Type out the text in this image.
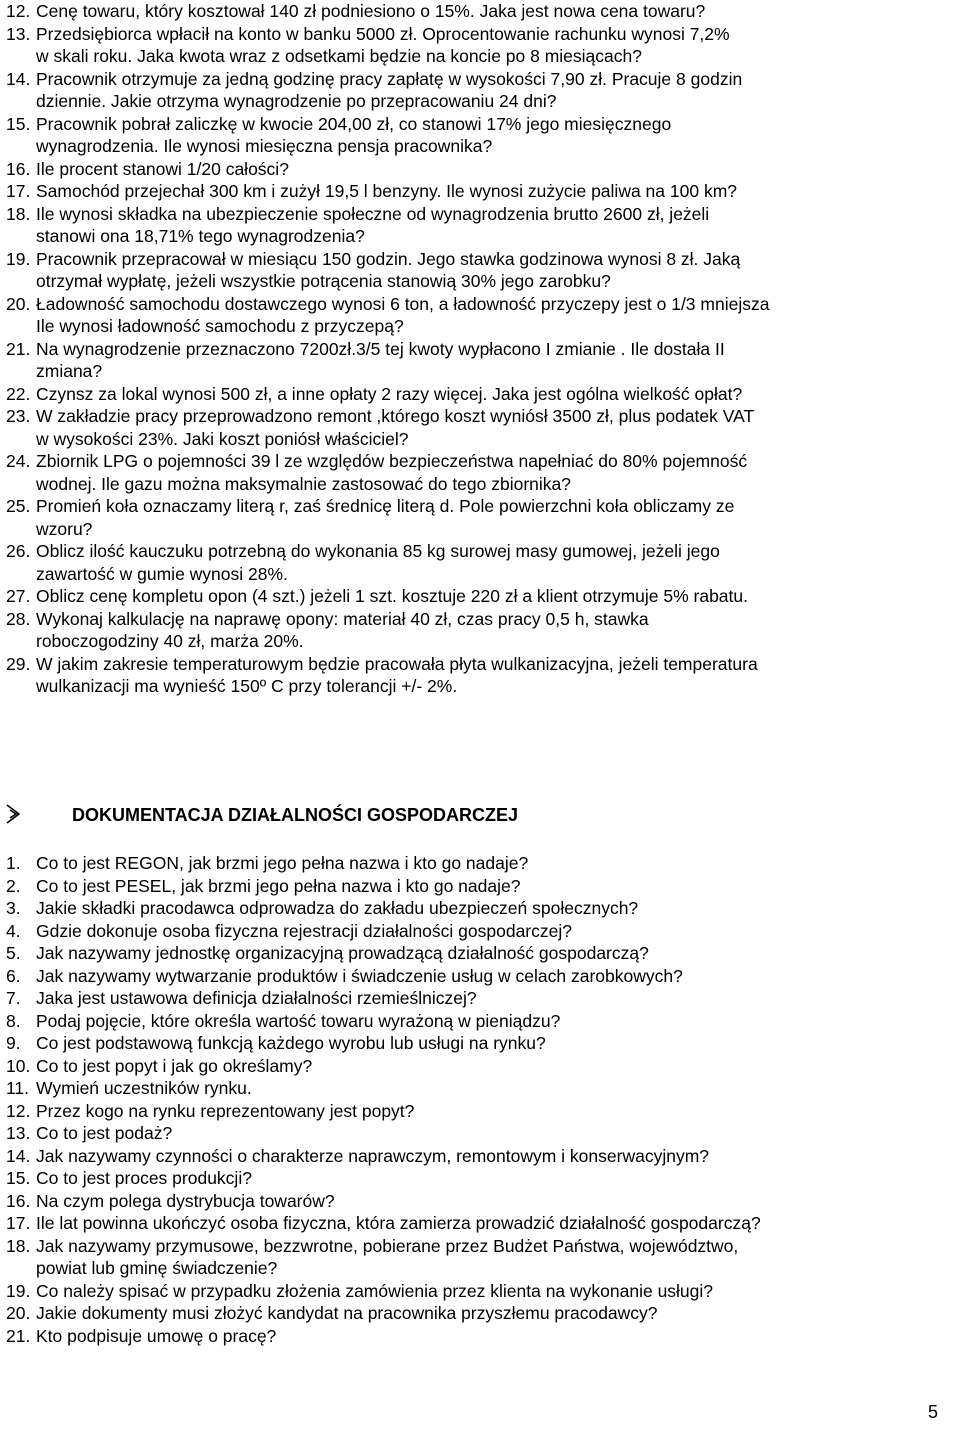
12. Cenę towaru, który kosztował 140 zł podniesiono o 15%. Jaka jest nowa cena towaru?
13. Przedsiębiorca wpłacił na konto w banku 5000 zł. Oprocentowanie rachunku wynosi 7,2%
w skali roku. Jaka kwota wraz z odsetkami będzie na koncie po 8 miesiącach?
14. Pracownik otrzymuje za jedną godzinę pracy zapłatę w wysokości 7,90 zł. Pracuje 8 godzin
dziennie. Jakie otrzyma wynagrodzenie po przepracowaniu 24 dni?
15. Pracownik pobrał zaliczkę w kwocie 204,00 zł, co stanowi 17% jego miesięcznego
wynagrodzenia. Ile wynosi miesięczna pensja pracownika?
16. Ile procent stanowi 1/20 całości?
17. Samochód przejechał 300 km i zużył 19,5 l benzyny. Ile wynosi zużycie paliwa na 100 km?
18. Ile wynosi składka na ubezpieczenie społeczne od wynagrodzenia brutto 2600 zł, jeżeli
stanowi ona 18,71% tego wynagrodzenia?
19. Pracownik przepracował w miesiącu 150 godzin. Jego stawka godzinowa wynosi 8 zł. Jaką
otrzymał wypłatę, jeżeli wszystkie potrącenia stanowią 30% jego zarobku?
20. Ładowność samochodu dostawczego wynosi 6 ton, a ładowność przyczepy jest o 1/3 mniejsza
Ile wynosi ładowność samochodu z przyczepą?
21. Na wynagrodzenie przeznaczono 7200zł.3/5 tej kwoty wypłacono I zmianie . Ile dostała II
zmiana?
22. Czynsz za lokal wynosi 500 zł, a inne opłaty 2 razy więcej. Jaka jest ogólna wielkość opłat?
23. W zakładzie pracy przeprowadzono remont ,którego koszt wyniósł 3500 zł, plus podatek VAT
w wysokości 23%. Jaki koszt poniósł właściciel?
24. Zbiornik LPG o pojemności 39 l ze względów bezpieczeństwa napełniać do 80% pojemność
wodnej. Ile gazu można maksymalnie zastosować do tego zbiornika?
25. Promień koła oznaczamy literą r, zaś średnicę literą d. Pole powierzchni koła obliczamy ze
wzoru?
26. Oblicz ilość kauczuku potrzebną do wykonania 85 kg surowej masy gumowej, jeżeli jego
zawartość w gumie wynosi 28%.
27. Oblicz cenę kompletu opon (4 szt.) jeżeli 1 szt. kosztuje 220 zł a klient otrzymuje 5% rabatu.
28. Wykonaj kalkulację na naprawę opony: materiał 40 zł, czas pracy 0,5 h, stawka
roboczogodziny 40 zł, marża 20%.
29. W jakim zakresie temperaturowym będzie pracowała płyta wulkanizacyjna, jeżeli temperatura
wulkanizacji ma wynieść 150º C przy tolerancji +/- 2%.
DOKUMENTACJA DZIAŁALNOŚCI GOSPODARCZEJ
1. Co to jest REGON, jak brzmi jego pełna nazwa i kto go nadaje?
2. Co to jest PESEL, jak brzmi jego pełna nazwa i kto go nadaje?
3. Jakie składki pracodawca odprowadza do zakładu ubezpieczeń społecznych?
4. Gdzie dokonuje osoba fizyczna rejestracji działalności gospodarczej?
5. Jak nazywamy jednostkę organizacyjną prowadzącą działalność gospodarczą?
6. Jak nazywamy wytwarzanie produktów i świadczenie usług w celach zarobkowych?
7. Jaka jest ustawowa definicja działalności rzemieślniczej?
8. Podaj pojęcie, które określa wartość towaru wyrażoną w pieniądzu?
9. Co jest podstawową funkcją każdego wyrobu lub usługi na rynku?
10. Co to jest popyt i jak go określamy?
11. Wymień uczestników rynku.
12. Przez kogo na rynku reprezentowany jest popyt?
13. Co to jest podaż?
14. Jak nazywamy czynności o charakterze naprawczym, remontowym i konserwacyjnym?
15. Co to jest proces produkcji?
16. Na czym polega dystrybucja towarów?
17. Ile lat powinna ukończyć osoba fizyczna, która zamierza prowadzić działalność gospodarczą?
18. Jak nazywamy przymusowe, bezzwrotne, pobierane przez Budżet Państwa, województwo,
powiat lub gminę świadczenie?
19. Co należy spisać w przypadku złożenia zamówienia przez klienta na wykonanie usługi?
20. Jakie dokumenty musi złożyć kandydat na pracownika przyszłemu pracodawcy?
21. Kto podpisuje umowę o pracę?
5
